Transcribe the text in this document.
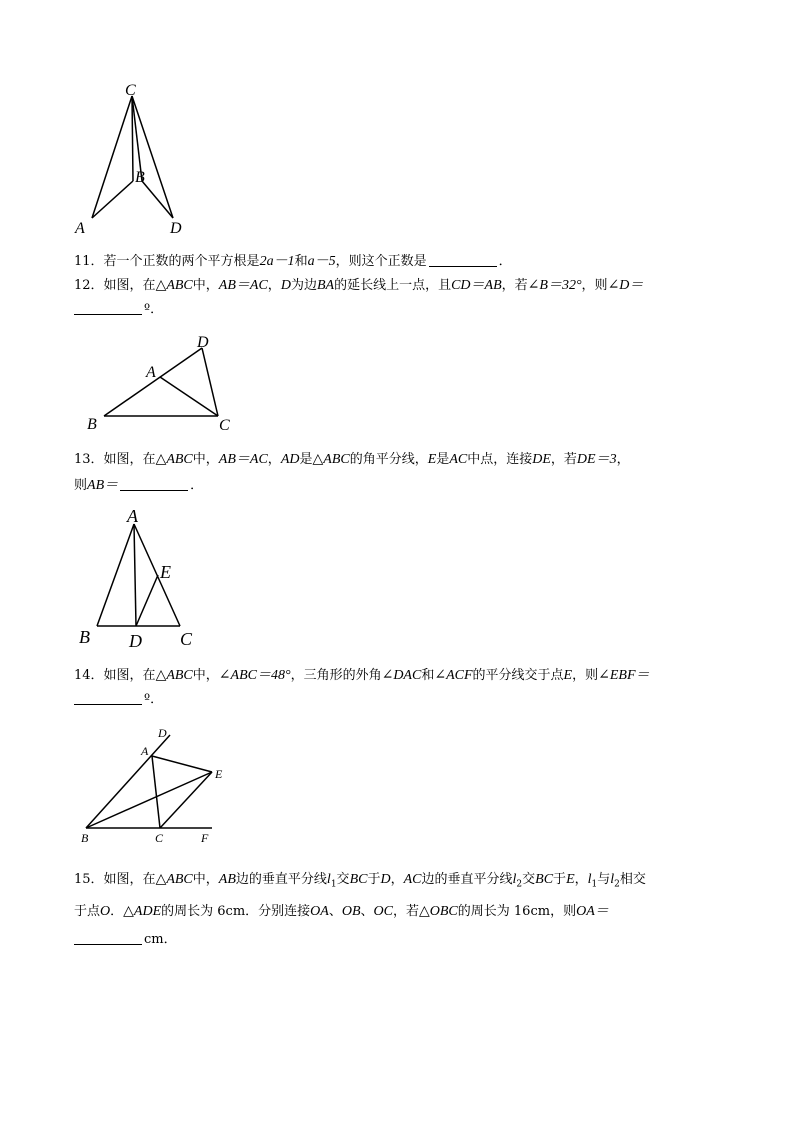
C
B
A	D
11．若一个正数的两个平方根是2a－1和a－5，则这个正数是	．
12．如图，在△ABC中，AB＝AC，D为边BA的延长线上一点，且CD＝AB，若∠B＝32°，则∠D＝
º．
D
A
B	C
13．如图，在△ABC中，AB＝AC，AD是△ABC的角平分线，E是AC中点，连接DE，若DE＝3，
则AB＝	．
A
E
B D C
14．如图，在△ABC中，∠ABC＝48°，三角形的外角∠DAC和∠ACF的平分线交于点E，则∠EBF＝
º．
D
A
E
B	C	F
15．如图，在△ABC中，AB边的垂直平分线$l_1$交BC于D，AC边的垂直平分线$l_2$交BC于E，$l_1$与$l_2$相交
于点O．△ADE的周长为 6cm．分别连接OA、OB、OC，若△OBC的周长为 16cm，则OA＝
cm．
